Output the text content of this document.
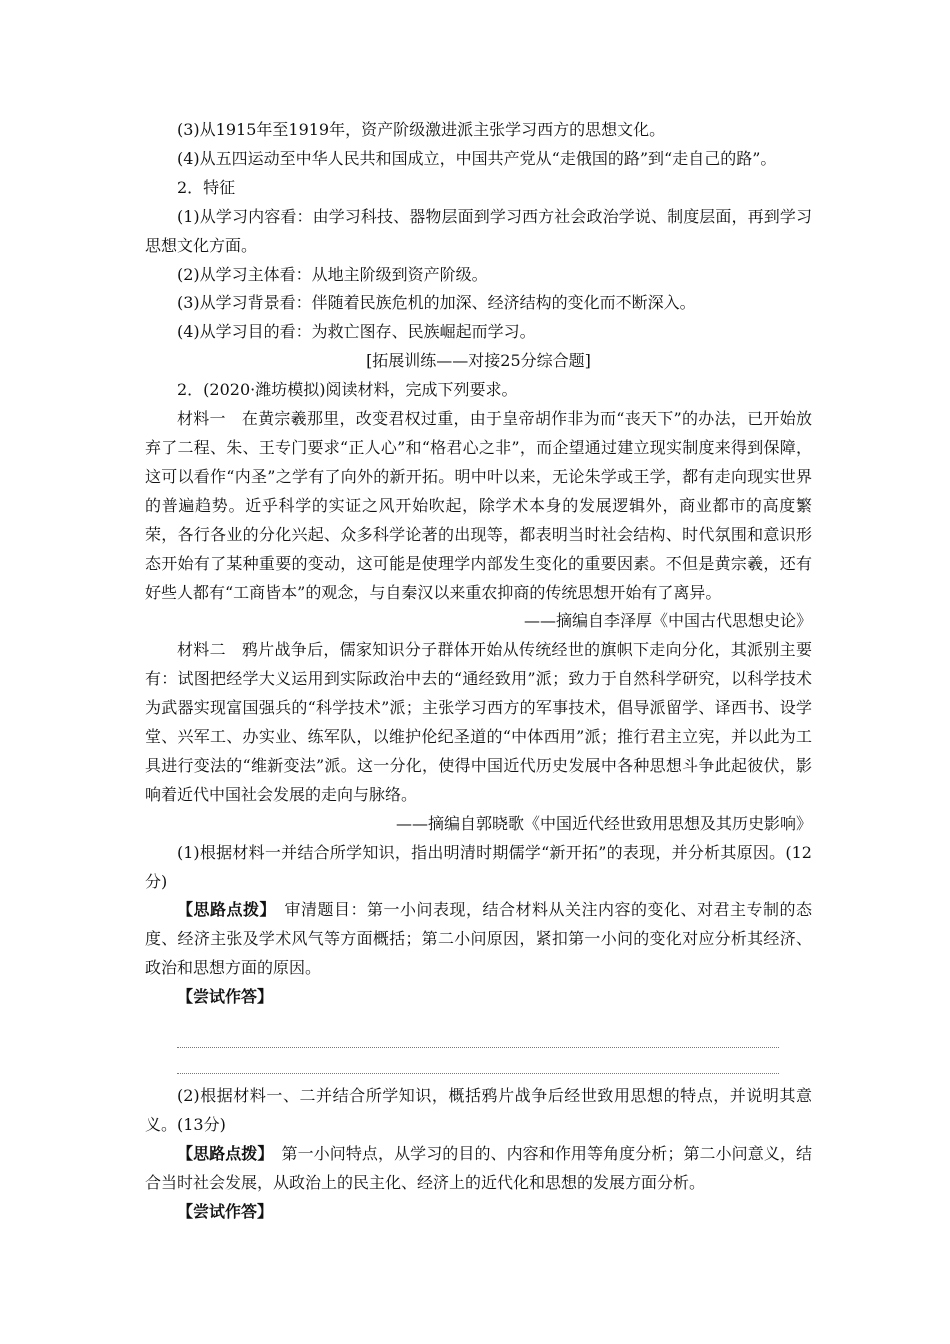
(3)从1915年至1919年，资产阶级激进派主张学习西方的思想文化。

(4)从五四运动至中华人民共和国成立，中国共产党从“走俄国的路”到“走自己的路”。

2．特征

(1)从学习内容看：由学习科技、器物层面到学习西方社会政治学说、制度层面，再到学习思想文化方面。

(2)从学习主体看：从地主阶级到资产阶级。

(3)从学习背景看：伴随着民族危机的加深、经济结构的变化而不断深入。

(4)从学习目的看：为救亡图存、民族崛起而学习。

[拓展训练——对接25分综合题]

2．(2020·潍坊模拟)阅读材料，完成下列要求。

材料一 在黄宗羲那里，改变君权过重，由于皇帝胡作非为而“丧天下”的办法，已开始放弃了二程、朱、王专门要求“正人心”和“格君心之非”，而企望通过建立现实制度来得到保障，这可以看作“内圣”之学有了向外的新开拓。明中叶以来，无论朱学或王学，都有走向现实世界的普遍趋势。近乎科学的实证之风开始吹起，除学术本身的发展逻辑外，商业都市的高度繁荣，各行各业的分化兴起、众多科学论著的出现等，都表明当时社会结构、时代氛围和意识形态开始有了某种重要的变动，这可能是使理学内部发生变化的重要因素。不但是黄宗羲，还有好些人都有“工商皆本”的观念，与自秦汉以来重农抑商的传统思想开始有了离异。

——摘编自李泽厚《中国古代思想史论》

材料二 鸦片战争后，儒家知识分子群体开始从传统经世的旗帜下走向分化，其派别主要有：试图把经学大义运用到实际政治中去的“通经致用”派；致力于自然科学研究，以科学技术为武器实现富国强兵的“科学技术”派；主张学习西方的军事技术，倡导派留学、译西书、设学堂、兴军工、办实业、练军队，以维护伦纪圣道的“中体西用”派；推行君主立宪，并以此为工具进行变法的“维新变法”派。这一分化，使得中国近代历史发展中各种思想斗争此起彼伏，影响着近代中国社会发展的走向与脉络。

——摘编自郭晓歌《中国近代经世致用思想及其历史影响》

(1)根据材料一并结合所学知识，指出明清时期儒学“新开拓”的表现，并分析其原因。(12分)

【思路点拨】　 审清题目：第一小问表现，结合材料从关注内容的变化、对君主专制的态度、经济主张及学术风气等方面概括；第二小问原因，紧扣第一小问的变化对应分析其经济、政治和思想方面的原因。

【尝试作答】

(2)根据材料一、二并结合所学知识，概括鸦片战争后经世致用思想的特点，并说明其意义。(13分)

【思路点拨】　 第一小问特点，从学习的目的、内容和作用等角度分析；第二小问意义，结合当时社会发展，从政治上的民主化、经济上的近代化和思想的发展方面分析。

【尝试作答】
